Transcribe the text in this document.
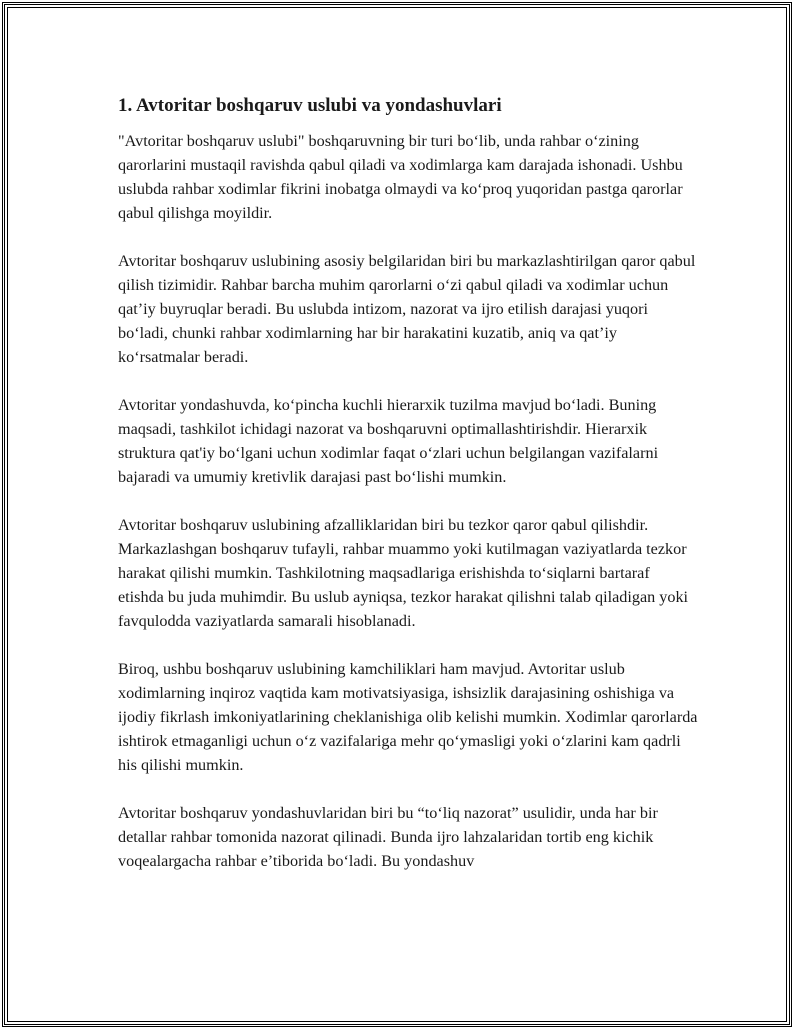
1. Avtoritar boshqaruv uslubi va yondashuvlari

"Avtoritar boshqaruv uslubi" boshqaruvning bir turi bo‘lib, unda rahbar o‘zining qarorlarini mustaqil ravishda qabul qiladi va xodimlarga kam darajada ishonadi. Ushbu uslubda rahbar xodimlar fikrini inobatga olmaydi va ko‘proq yuqoridan pastga qarorlar qabul qilishga moyildir.

Avtoritar boshqaruv uslubining asosiy belgilaridan biri bu markazlashtirilgan qaror qabul qilish tizimidir. Rahbar barcha muhim qarorlarni o‘zi qabul qiladi va xodimlar uchun qat’iy buyruqlar beradi. Bu uslubda intizom, nazorat va ijro etilish darajasi yuqori bo‘ladi, chunki rahbar xodimlarning har bir harakatini kuzatib, aniq va qat’iy ko‘rsatmalar beradi.

Avtoritar yondashuvda, ko‘pincha kuchli hierarxik tuzilma mavjud bo‘ladi. Buning maqsadi, tashkilot ichidagi nazorat va boshqaruvni optimallashtirishdir. Hierarxik struktura qat'iy bo‘lgani uchun xodimlar faqat o‘zlari uchun belgilangan vazifalarni bajaradi va umumiy kretivlik darajasi past bo‘lishi mumkin.

Avtoritar boshqaruv uslubining afzalliklaridan biri bu tezkor qaror qabul qilishdir. Markazlashgan boshqaruv tufayli, rahbar muammo yoki kutilmagan vaziyatlarda tezkor harakat qilishi mumkin. Tashkilotning maqsadlariga erishishda to‘siqlarni bartaraf etishda bu juda muhimdir. Bu uslub ayniqsa, tezkor harakat qilishni talab qiladigan yoki favqulodda vaziyatlarda samarali hisoblanadi.

Biroq, ushbu boshqaruv uslubining kamchiliklari ham mavjud. Avtoritar uslub xodimlarning inqiroz vaqtida kam motivatsiyasiga, ishsizlik darajasining oshishiga va ijodiy fikrlash imkoniyatlarining cheklanishiga olib kelishi mumkin. Xodimlar qarorlarda ishtirok etmaganligi uchun o‘z vazifalariga mehr qo‘ymasligi yoki o‘zlarini kam qadrli his qilishi mumkin.

Avtoritar boshqaruv yondashuvlaridan biri bu “to‘liq nazorat” usulidir, unda har bir detallar rahbar tomonida nazorat qilinadi. Bunda ijro lahzalaridan tortib eng kichik voqealargacha rahbar e’tiborida bo‘ladi. Bu yondashuv
